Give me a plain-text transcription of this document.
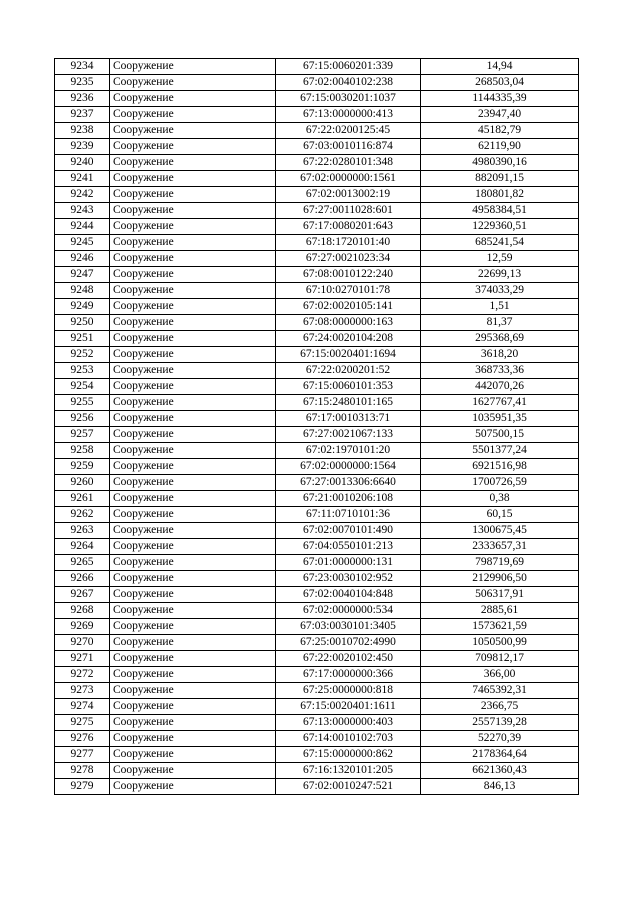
9234	Сооружение	67:15:0060201:339	14,94
9235	Сооружение	67:02:0040102:238	268503,04
9236	Сооружение	67:15:0030201:1037	1144335,39
9237	Сооружение	67:13:0000000:413	23947,40
9238	Сооружение	67:22:0200125:45	45182,79
9239	Сооружение	67:03:0010116:874	62119,90
9240	Сооружение	67:22:0280101:348	4980390,16
9241	Сооружение	67:02:0000000:1561	882091,15
9242	Сооружение	67:02:0013002:19	180801,82
9243	Сооружение	67:27:0011028:601	4958384,51
9244	Сооружение	67:17:0080201:643	1229360,51
9245	Сооружение	67:18:1720101:40	685241,54
9246	Сооружение	67:27:0021023:34	12,59
9247	Сооружение	67:08:0010122:240	22699,13
9248	Сооружение	67:10:0270101:78	374033,29
9249	Сооружение	67:02:0020105:141	1,51
9250	Сооружение	67:08:0000000:163	81,37
9251	Сооружение	67:24:0020104:208	295368,69
9252	Сооружение	67:15:0020401:1694	3618,20
9253	Сооружение	67:22:0200201:52	368733,36
9254	Сооружение	67:15:0060101:353	442070,26
9255	Сооружение	67:15:2480101:165	1627767,41
9256	Сооружение	67:17:0010313:71	1035951,35
9257	Сооружение	67:27:0021067:133	507500,15
9258	Сооружение	67:02:1970101:20	5501377,24
9259	Сооружение	67:02:0000000:1564	6921516,98
9260	Сооружение	67:27:0013306:6640	1700726,59
9261	Сооружение	67:21:0010206:108	0,38
9262	Сооружение	67:11:0710101:36	60,15
9263	Сооружение	67:02:0070101:490	1300675,45
9264	Сооружение	67:04:0550101:213	2333657,31
9265	Сооружение	67:01:0000000:131	798719,69
9266	Сооружение	67:23:0030102:952	2129906,50
9267	Сооружение	67:02:0040104:848	506317,91
9268	Сооружение	67:02:0000000:534	2885,61
9269	Сооружение	67:03:0030101:3405	1573621,59
9270	Сооружение	67:25:0010702:4990	1050500,99
9271	Сооружение	67:22:0020102:450	709812,17
9272	Сооружение	67:17:0000000:366	366,00
9273	Сооружение	67:25:0000000:818	7465392,31
9274	Сооружение	67:15:0020401:1611	2366,75
9275	Сооружение	67:13:0000000:403	2557139,28
9276	Сооружение	67:14:0010102:703	52270,39
9277	Сооружение	67:15:0000000:862	2178364,64
9278	Сооружение	67:16:1320101:205	6621360,43
9279	Сооружение	67:02:0010247:521	846,13
